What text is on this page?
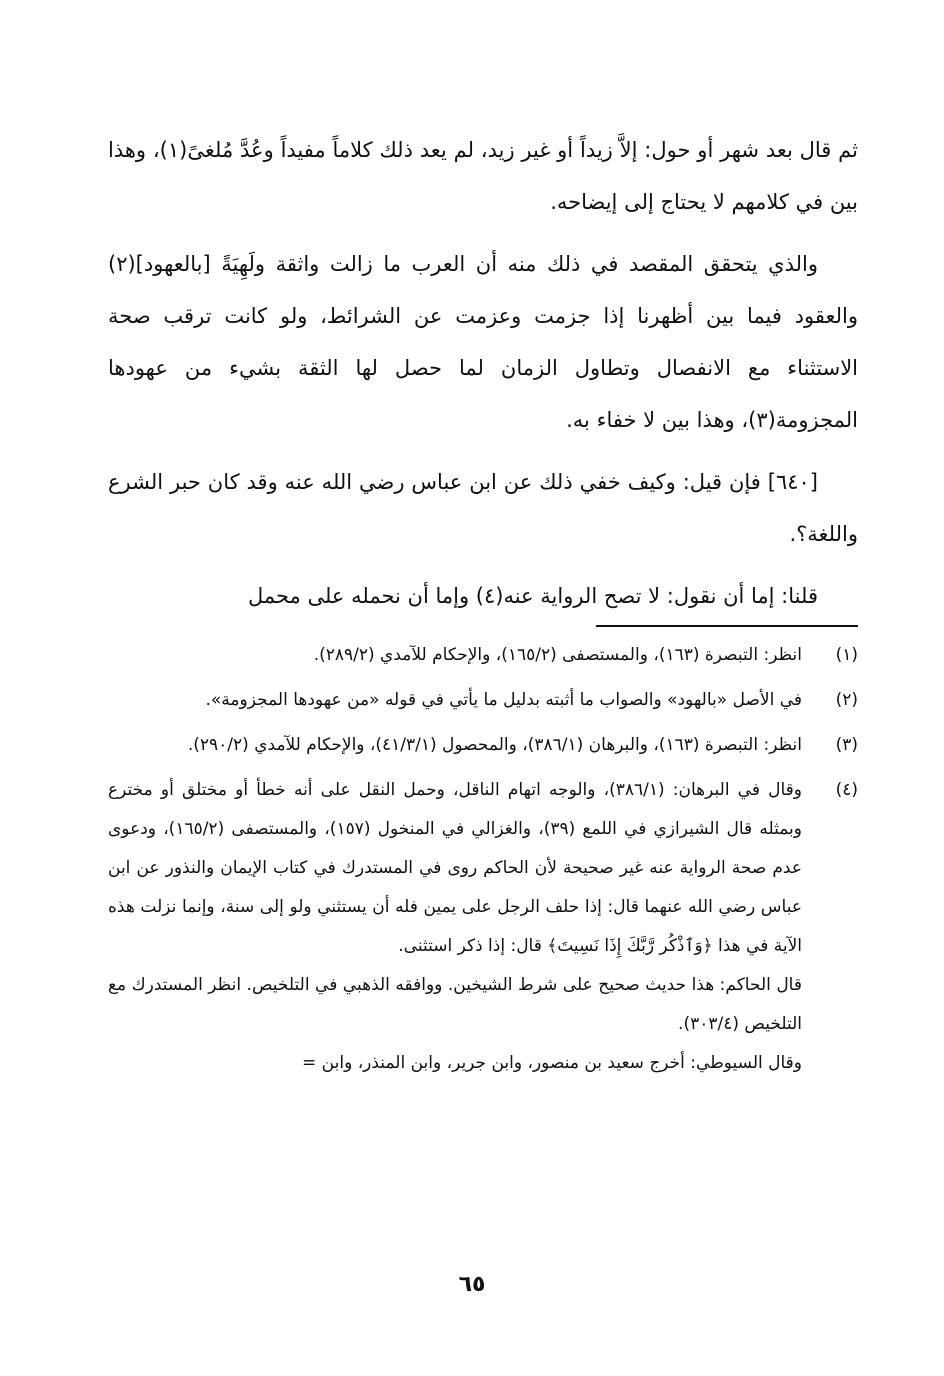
ثم قال بعد شهر أو حول: إلاَّ زيداً أو غير زيد، لم يعد ذلك كلاماً مفيداً وعُدَّ مُلغىً(١)، وهذا بين في كلامهم لا يحتاج إلى إيضاحه.

والذي يتحقق المقصد في ذلك منه أن العرب ما زالت واثقة ولَهِيَةً [بالعهود](٢) والعقود فيما بين أظهرنا إذا جزمت وعزمت عن الشرائط، ولو كانت ترقب صحة الاستثناء مع الانفصال وتطاول الزمان لما حصل لها الثقة بشيء من عهودها المجزومة(٣)، وهذا بين لا خفاء به.

[٦٤٠] فإن قيل: وكيف خفي ذلك عن ابن عباس رضي الله عنه وقد كان حبر الشرع واللغة؟.

قلنا: إما أن نقول: لا تصح الرواية عنه(٤) وإما أن نحمله على محمل

(١)
انظر: التبصرة (١٦٣)، والمستصفى (١٦٥/٢)، والإحكام للآمدي (٢٨٩/٢).
(٢)
في الأصل «بالهود» والصواب ما أثبته بدليل ما يأتي في قوله «من عهودها المجزومة».
(٣)
انظر: التبصرة (١٦٣)، والبرهان (٣٨٦/١)، والمحصول (٤١/٣/١)، والإحكام للآمدي (٢٩٠/٢).
(٤)
وقال في البرهان: (٣٨٦/١)، والوجه اتهام الناقل، وحمل النقل على أنه خطأ أو مختلق أو مخترع وبمثله قال الشيرازي في اللمع (٣٩)، والغزالي في المنخول (١٥٧)، والمستصفى (١٦٥/٢)، ودعوى عدم صحة الرواية عنه غير صحيحة لأن الحاكم روى في المستدرك في كتاب الإيمان والنذور عن ابن عباس رضي الله عنهما قال: إذا حلف الرجل على يمين فله أن يستثني ولو إلى سنة، وإنما نزلت هذه الآية في هذا ﴿وَٱذْكُر رَّبَّكَ إِذَا نَسِيتَ﴾ قال: إذا ذكر استثنى.
قال الحاكم: هذا حديث صحيح على شرط الشيخين. ووافقه الذهبي في التلخيص. انظر المستدرك مع التلخيص (٣٠٣/٤).
وقال السيوطي: أخرج سعيد بن منصور، وابن جرير، وابن المنذر، وابن =
٦٥
